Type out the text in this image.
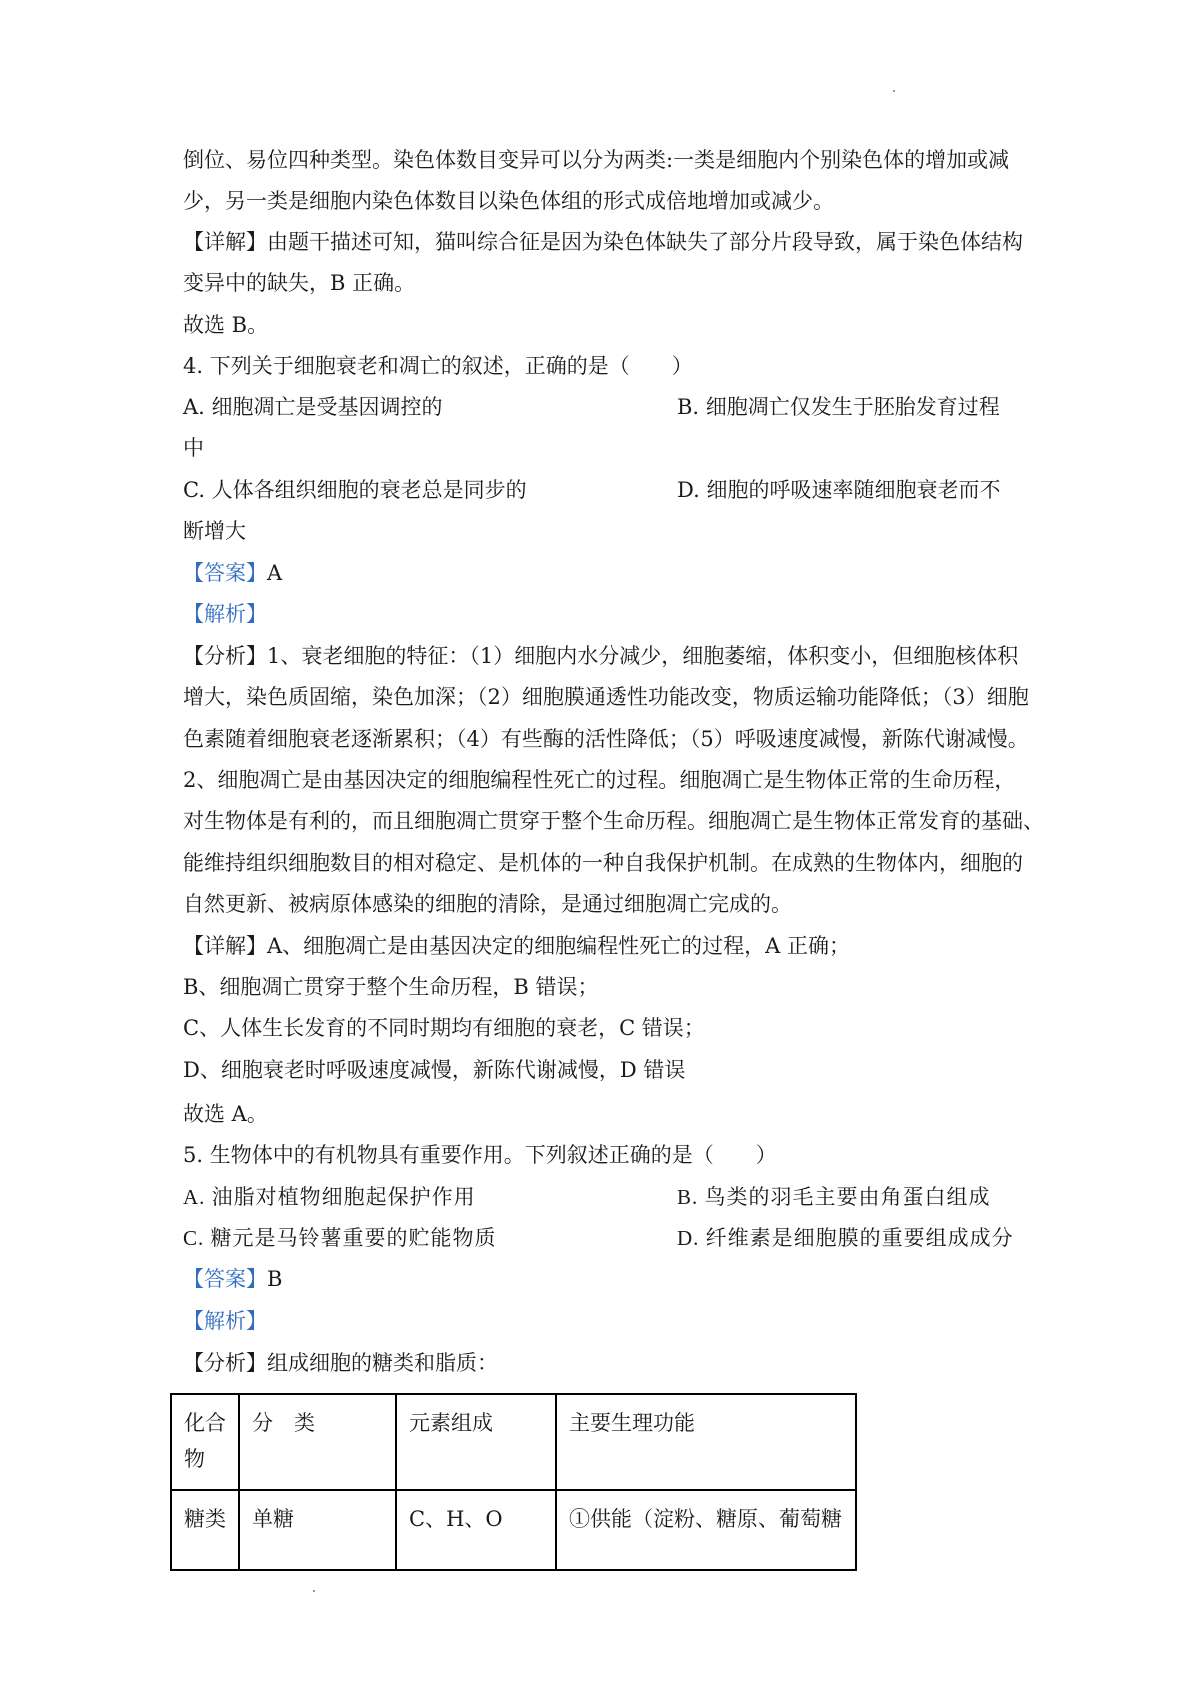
倒位、易位四种类型。染色体数目变异可以分为两类:一类是细胞内个别染色体的增加或减
少，另一类是细胞内染色体数目以染色体组的形式成倍地增加或减少。
【详解】由题干描述可知，猫叫综合征是因为染色体缺失了部分片段导致，属于染色体结构
变异中的缺失，B 正确。
故选 B。
4. 下列关于细胞衰老和凋亡的叙述，正确的是（　　）
A. 细胞凋亡是受基因调控的	B. 细胞凋亡仅发生于胚胎发育过程
中
C. 人体各组织细胞的衰老总是同步的	D. 细胞的呼吸速率随细胞衰老而不
断增大
【答案】A
【解析】
【分析】1、衰老细胞的特征：（1）细胞内水分减少，细胞萎缩，体积变小，但细胞核体积
增大，染色质固缩，染色加深；（2）细胞膜通透性功能改变，物质运输功能降低；（3）细胞
色素随着细胞衰老逐渐累积；（4）有些酶的活性降低；（5）呼吸速度减慢，新陈代谢减慢。
2、细胞凋亡是由基因决定的细胞编程性死亡的过程。细胞凋亡是生物体正常的生命历程，
对生物体是有利的，而且细胞凋亡贯穿于整个生命历程。细胞凋亡是生物体正常发育的基础、
能维持组织细胞数目的相对稳定、是机体的一种自我保护机制。在成熟的生物体内，细胞的
自然更新、被病原体感染的细胞的清除，是通过细胞凋亡完成的。
【详解】A、细胞凋亡是由基因决定的细胞编程性死亡的过程，A 正确；
B、细胞凋亡贯穿于整个生命历程，B 错误；
C、人体生长发育的不同时期均有细胞的衰老，C 错误；
D、细胞衰老时呼吸速度减慢，新陈代谢减慢，D 错误
故选 A。
5. 生物体中的有机物具有重要作用。下列叙述正确的是（　　）
A. 油脂对植物细胞起保护作用	B. 鸟类的羽毛主要由角蛋白组成
C. 糖元是马铃薯重要的贮能物质	D. 纤维素是细胞膜的重要组成成分
【答案】B
【解析】
【分析】组成细胞的糖类和脂质：
化合
物	分　类	元素组成	主要生理功能
糖类	单糖	C、H、O	①供能（淀粉、糖原、葡萄糖
